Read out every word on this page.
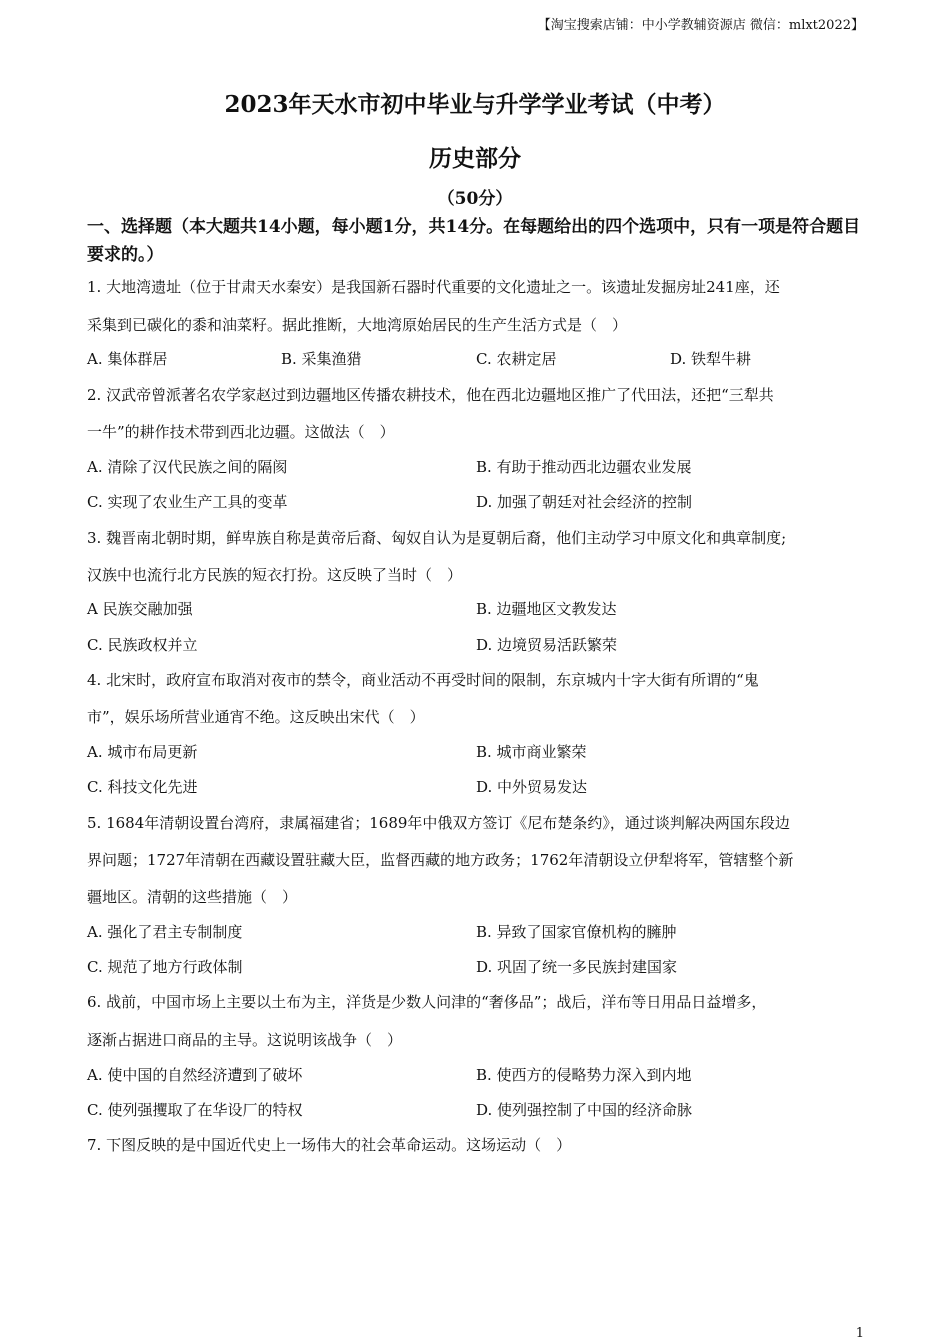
【淘宝搜索店铺：中小学教辅资源店 微信：mlxt2022】
2023年天水市初中毕业与升学学业考试（中考）
历史部分
（50分）
一、选择题（本大题共14小题，每小题1分，共14分。在每题给出的四个选项中，只有一项是符合题目要求的。）
1. 大地湾遗址（位于甘肃天水秦安）是我国新石器时代重要的文化遗址之一。该遗址发掘房址241座，还
采集到已碳化的黍和油菜籽。据此推断，大地湾原始居民的生产生活方式是（　）
A. 集体群居	B. 采集渔猎	C. 农耕定居	D. 铁犁牛耕
2. 汉武帝曾派著名农学家赵过到边疆地区传播农耕技术，他在西北边疆地区推广了代田法，还把“三犁共
一牛”的耕作技术带到西北边疆。这做法（　）
A. 清除了汉代民族之间的隔阂	B. 有助于推动西北边疆农业发展
C. 实现了农业生产工具的变革	D. 加强了朝廷对社会经济的控制
3. 魏晋南北朝时期，鲜卑族自称是黄帝后裔、匈奴自认为是夏朝后裔，他们主动学习中原文化和典章制度;
汉族中也流行北方民族的短衣打扮。这反映了当时（　）
A 民族交融加强	B. 边疆地区文教发达
C. 民族政权并立	D. 边境贸易活跃繁荣
4. 北宋时，政府宣布取消对夜市的禁令，商业活动不再受时间的限制，东京城内十字大街有所谓的“鬼
市”，娱乐场所营业通宵不绝。这反映出宋代（　）
A. 城市布局更新	B. 城市商业繁荣
C. 科技文化先进	D. 中外贸易发达
5. 1684年清朝设置台湾府，隶属福建省；1689年中俄双方签订《尼布楚条约》，通过谈判解决两国东段边
界问题；1727年清朝在西藏设置驻藏大臣，监督西藏的地方政务；1762年清朝设立伊犁将军，管辖整个新
疆地区。清朝的这些措施（　）
A. 强化了君主专制制度	B. 异致了国家官僚机构的臃肿
C. 规范了地方行政体制	D. 巩固了统一多民族封建国家
6. 战前，中国市场上主要以土布为主，洋货是少数人问津的“奢侈品”；战后，洋布等日用品日益增多，
逐渐占据进口商品的主导。这说明该战争（　）
A. 使中国的自然经济遭到了破坏	B. 使西方的侵略势力深入到内地
C. 使列强攫取了在华设厂的特权	D. 使列强控制了中国的经济命脉
7. 下图反映的是中国近代史上一场伟大的社会革命运动。这场运动（　）
1
